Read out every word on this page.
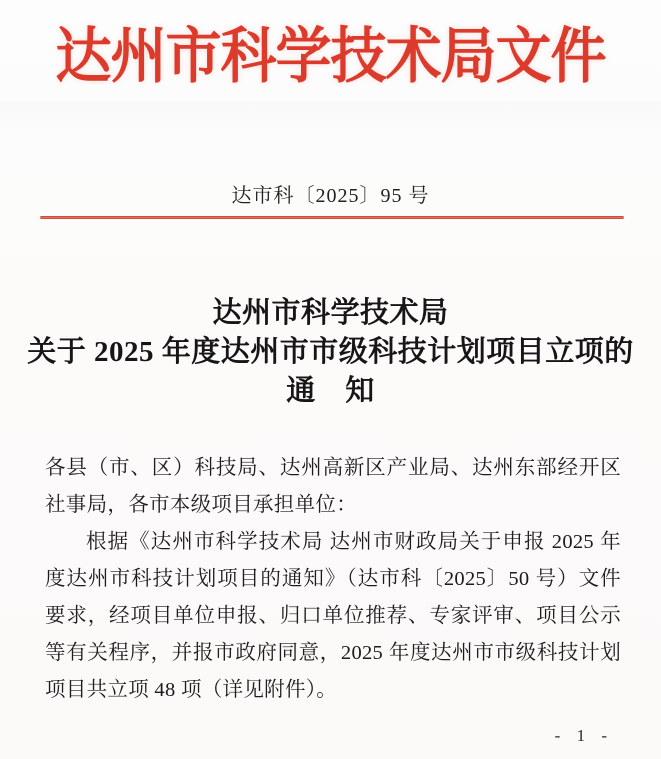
达州市科学技术局文件
达市科〔2025〕95 号
达州市科学技术局
关于 2025 年度达州市市级科技计划项目立项的
通　知

各县（市、区）科技局、达州高新区产业局、达州东部经开区社事局，各市本级项目承担单位：

根据《达州市科学技术局 达州市财政局关于申报 2025 年度达州市科技计划项目的通知》（达市科〔2025〕50 号）文件要求，经项目单位申报、归口单位推荐、专家评审、项目公示等有关程序，并报市政府同意，2025 年度达州市市级科技计划项目共立项 48 项（详见附件）。

- 1 -
